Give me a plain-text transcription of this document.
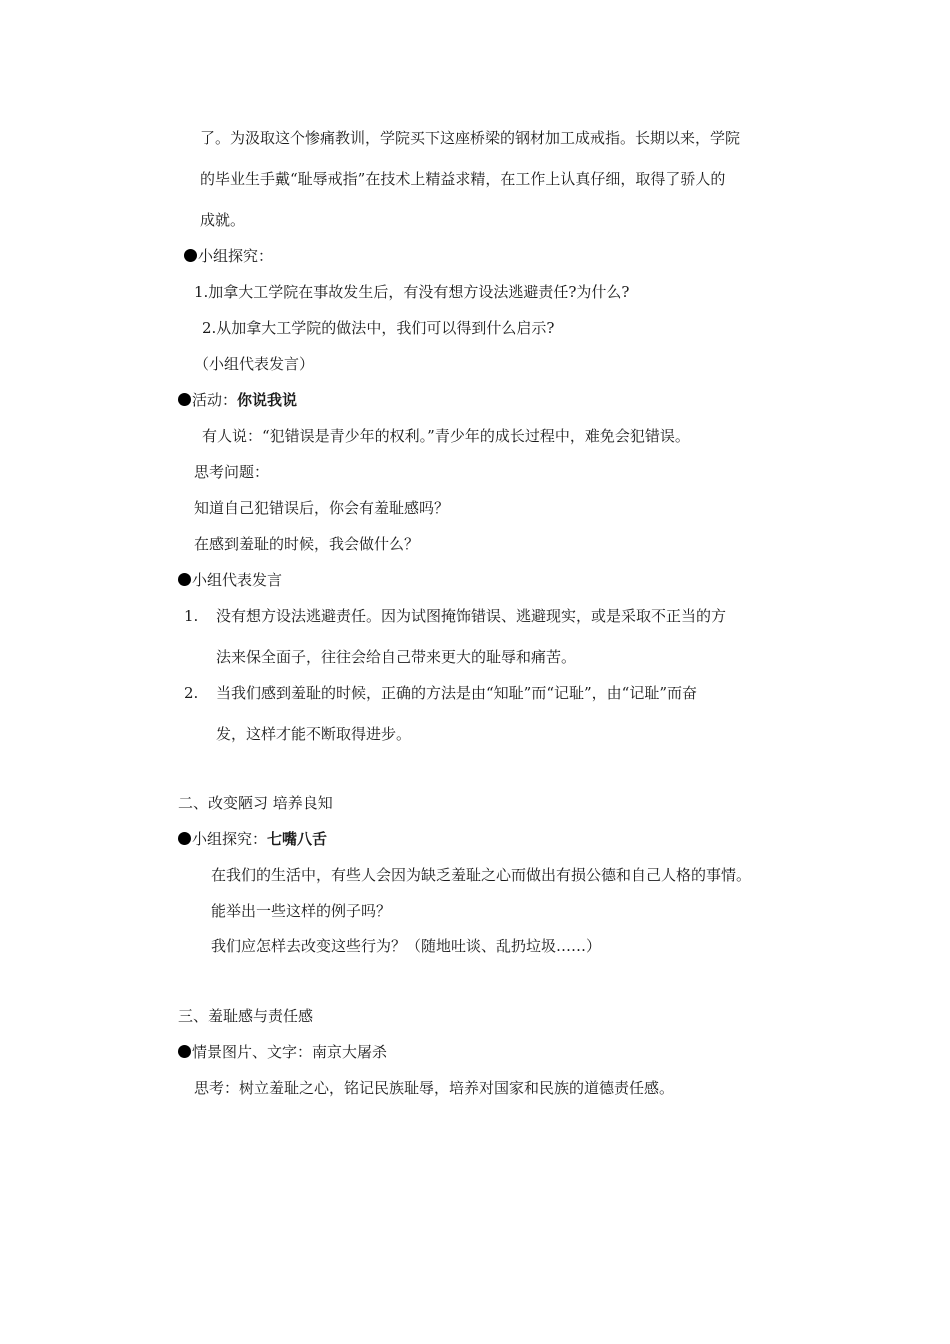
了。为汲取这个惨痛教训，学院买下这座桥梁的钢材加工成戒指。长期以来，学院
的毕业生手戴“耻辱戒指”在技术上精益求精，在工作上认真仔细，取得了骄人的
成就。
小组探究：
1.加拿大工学院在事故发生后，有没有想方设法逃避责任?为什么?
2.从加拿大工学院的做法中，我们可以得到什么启示?
（小组代表发言）
活动：你说我说
有人说：“犯错误是青少年的权利。”青少年的成长过程中，难免会犯错误。
思考问题：
知道自己犯错误后，你会有羞耻感吗？
在感到羞耻的时候，我会做什么？
小组代表发言
1. 没有想方设法逃避责任。因为试图掩饰错误、逃避现实，或是采取不正当的方
法来保全面子，往往会给自己带来更大的耻辱和痛苦。
2. 当我们感到羞耻的时候，正确的方法是由“知耻”而“记耻”，由“记耻”而奋
发，这样才能不断取得进步。
二、改变陋习 培养良知
小组探究：七嘴八舌
在我们的生活中，有些人会因为缺乏羞耻之心而做出有损公德和自己人格的事情。
能举出一些这样的例子吗？
我们应怎样去改变这些行为？（随地吐谈、乱扔垃圾……）
三、羞耻感与责任感
情景图片、文字：南京大屠杀
思考：树立羞耻之心，铭记民族耻辱，培养对国家和民族的道德责任感。
